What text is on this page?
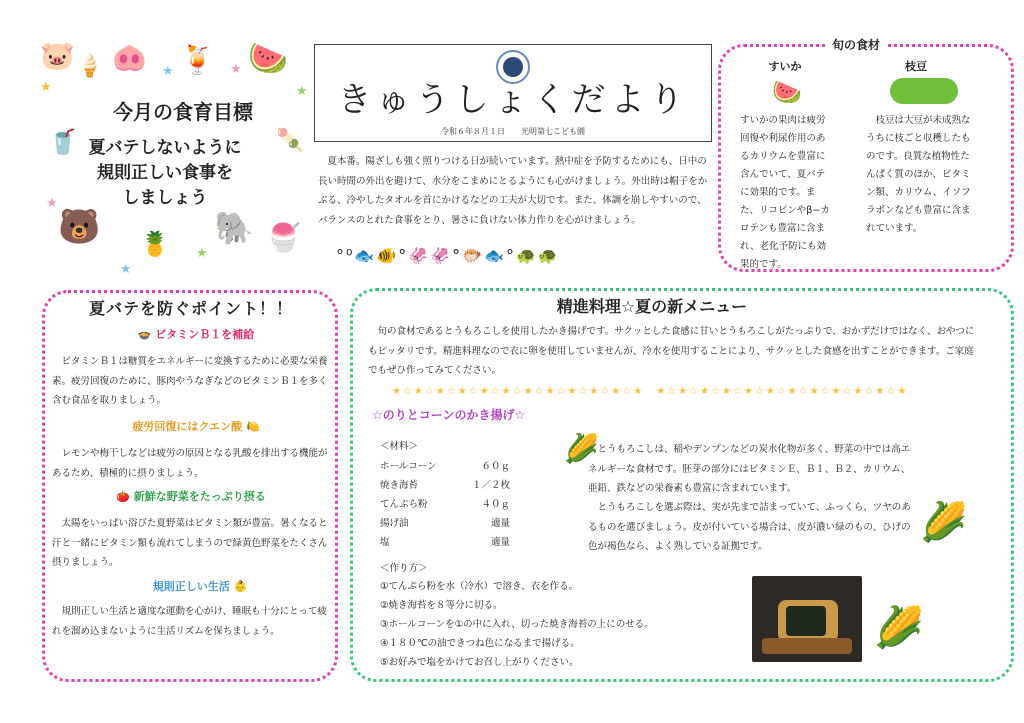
🐷 🍦 🐽 🍹 🍉
★
★	★
★
🥤	🍡
🐻 🍍 🐘 🍧
★
★
★
今月の食育目標
夏バテしないように
規則正しい食事を
しましょう
きゅうしょくだより
令和６年８月１日　　 光明第七こども園
夏本番。陽ざしも強く照りつける日が続いています。熱中症を予防するためにも、日中の長い時間の外出を避けて、水分をこまめにとるようにも心がけましょう。外出時は帽子をかぶる、冷やしたタオルを首にかけるなどの工夫が大切です。また、体調を崩しやすいので、バランスのとれた食事をとり、暑さに負けない体力作りを心がけましょう。
°⁰🐟🐠°🦑🦑°🐡🐟°🐢🐢
旬の食材
すいか
🍉
すいかの果肉は疲労回復や利尿作用のあるカリウムを豊富に含んでいて、夏バテに効果的です。また、リコピンやβ−カロテンも豊富に含まれ、老化予防にも効果的です。
枝豆
枝豆は大豆が未成熟なうちに枝ごと収穫したものです。良質な植物性たんぱく質のほか、ビタミン類、カリウム、イソフラボンなども豊富に含まれています。
夏バテを防ぐポイント！！
🍲 ビタミンＢ１を補給
ビタミンＢ１は糖質をエネルギーに変換するために必要な栄養素。疲労回復のために、豚肉やうなぎなどのビタミンＢ１を多く含む食品を取りましょう。
疲労回復にはクエン酸 🍋
レモンや梅干しなどは疲労の原因となる乳酸を排出する機能があるため、積極的に摂りましょう。
🍅 新鮮な野菜をたっぷり摂る
太陽をいっぱい浴びた夏野菜はビタミン類が豊富。暑くなると汗と一緒にビタミン類も流れてしまうので緑黄色野菜をたくさん摂りましょう。
規則正しい生活 👶
規則正しい生活と適度な運動を心がけ、睡眠も十分にとって疲れを溜め込まないように生活リズムを保ちましょう。
精進料理☆夏の新メニュー
旬の食材であるとうもろこしを使用したかき揚げです。サクッとした食感に甘いとうもろこしがたっぷりで、おかずだけではなく、おやつにもピッタリです。精進料理なので衣に卵を使用していませんが、冷水を使用することにより、サクッとした食感を出すことができます。ご家庭でもぜひ作ってみてください。
★☆★☆★☆★☆★☆★☆★☆★☆★☆★☆★☆★　★☆★☆★☆★☆★☆★☆★☆★☆★☆★☆★☆★
☆のりとコーンのかき揚げ☆
＜材料＞
ホールコーン	６０ｇ
焼き海苔	１／２枚
てんぷら粉	４０ｇ
揚げ油	適量
塩	適量
🌽
とうもろこしは、稲やデンプンなどの炭水化物が多く、野菜の中では高エネルギーな食材です。胚芽の部分にはビタミンＥ、Ｂ１、Ｂ２、カリウム、亜鉛、鉄などの栄養素も豊富に含まれています。
とうもろこしを選ぶ際は、実が先まで詰まっていて、ふっくら、ツヤのあるものを選びましょう。皮が付いている場合は、皮が濃い緑のもの、ひげの色が褐色なら、よく熟している証拠です。
🌽
＜作り方＞
①てんぷら粉を水（冷水）で溶き、衣を作る。
②焼き海苔を８等分に切る。
③ホールコーンを①の中に入れ、切った焼き海苔の上にのせる。
④１８０℃の油できつね色になるまで揚げる。
⑤お好みで塩をかけてお召し上がりください。
🌽
